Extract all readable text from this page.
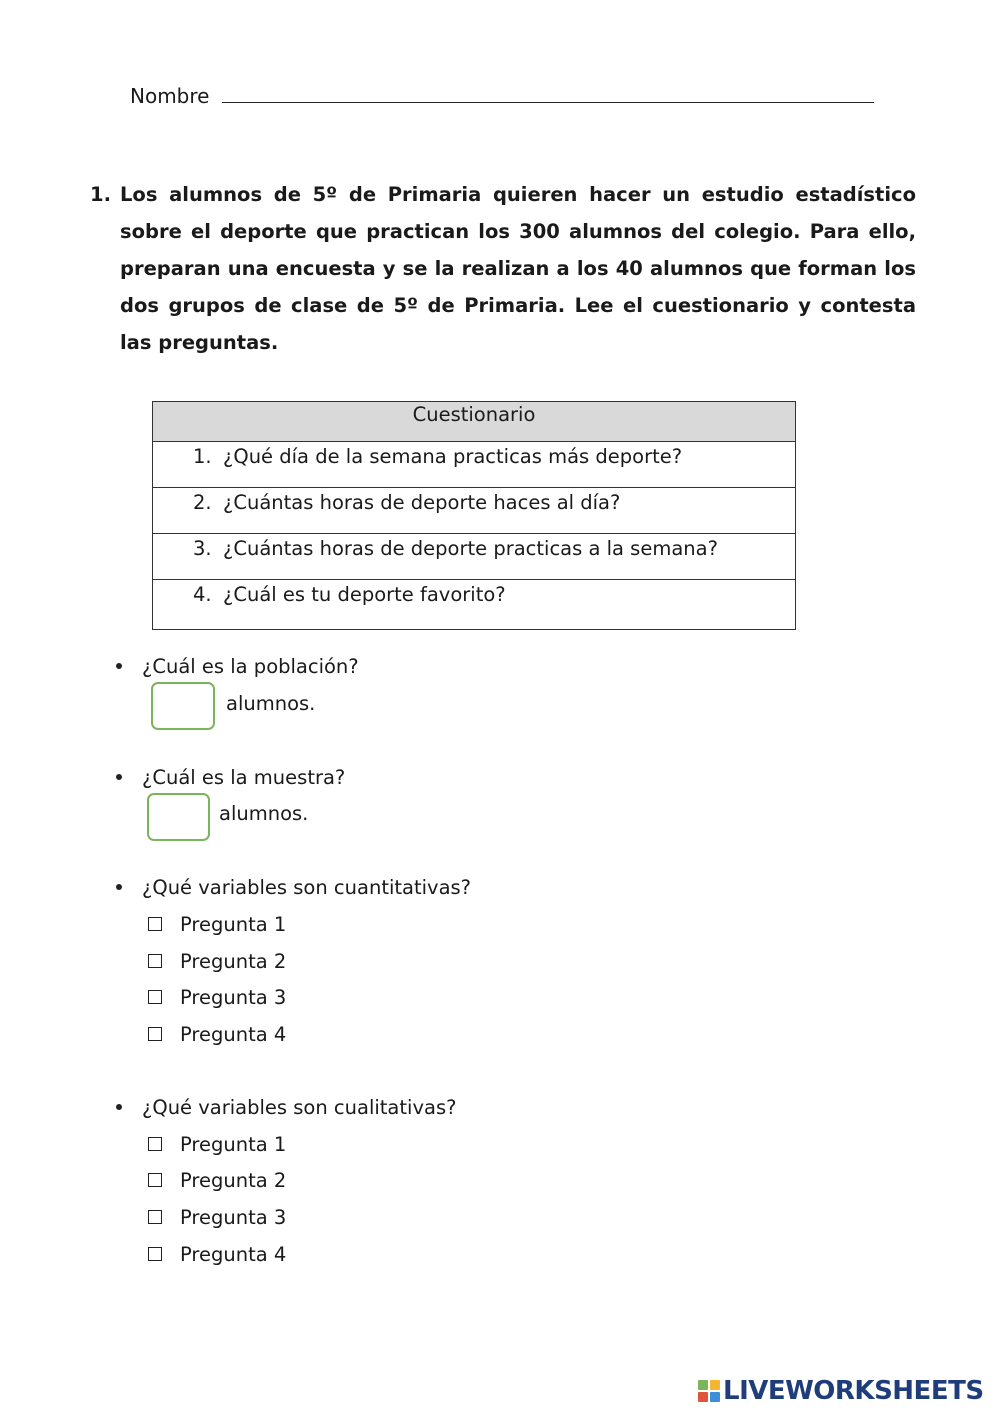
Nombre
1. Los alumnos de 5º de Primaria quieren hacer un estudio estadístico sobre el deporte que practican los 300 alumnos del colegio. Para ello, preparan una encuesta y se la realizan a los 40 alumnos que forman los dos grupos de clase de 5º de Primaria. Lee el cuestionario y contesta las preguntas.
Cuestionario
1. ¿Qué día de la semana practicas más deporte?
2. ¿Cuántas horas de deporte haces al día?
3. ¿Cuántas horas de deporte practicas a la semana?
4. ¿Cuál es tu deporte favorito?
¿Cuál es la población?
alumnos.
¿Cuál es la muestra?
alumnos.
¿Qué variables son cuantitativas?
Pregunta 1
Pregunta 2
Pregunta 3
Pregunta 4
¿Qué variables son cualitativas?
Pregunta 1
Pregunta 2
Pregunta 3
Pregunta 4
LIVEWORKSHEETS
